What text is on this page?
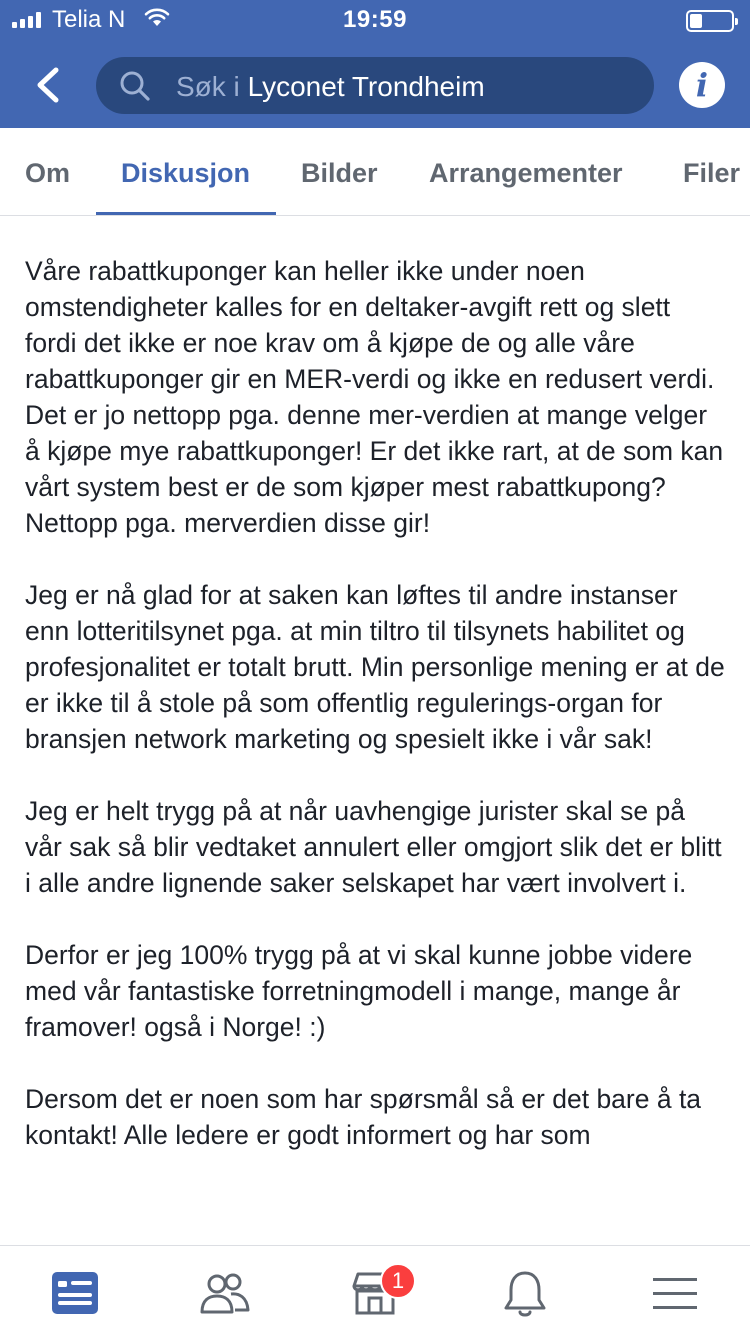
Telia N	19:59
Søk i Lyconet Trondheim	i
Om Diskusjon Bilder Arrangementer Filer

Våre rabattkuponger kan heller ikke under noen omstendigheter kalles for en deltaker-avgift rett og slett fordi det ikke er noe krav om å kjøpe de og alle våre rabattkuponger gir en MER-verdi og ikke en redusert verdi. Det er jo nettopp pga. denne mer-verdien at mange velger å kjøpe mye rabattkuponger! Er det ikke rart, at de som kan vårt system best er de som kjøper mest rabattkupong? Nettopp pga. merverdien disse gir!

Jeg er nå glad for at saken kan løftes til andre instanser enn lotteritilsynet pga. at min tiltro til tilsynets habilitet og profesjonalitet er totalt brutt. Min personlige mening er at de er ikke til å stole på som offentlig regulerings-organ for bransjen network marketing og spesielt ikke i vår sak!

Jeg er helt trygg på at når uavhengige jurister skal se på vår sak så blir vedtaket annulert eller omgjort slik det er blitt i alle andre lignende saker selskapet har vært involvert i.

Derfor er jeg 100% trygg på at vi skal kunne jobbe videre med vår fantastiske forretningmodell i mange, mange år framover! også i Norge! :)

Dersom det er noen som har spørsmål så er det bare å ta kontakt! Alle ledere er godt informert og har som

1
